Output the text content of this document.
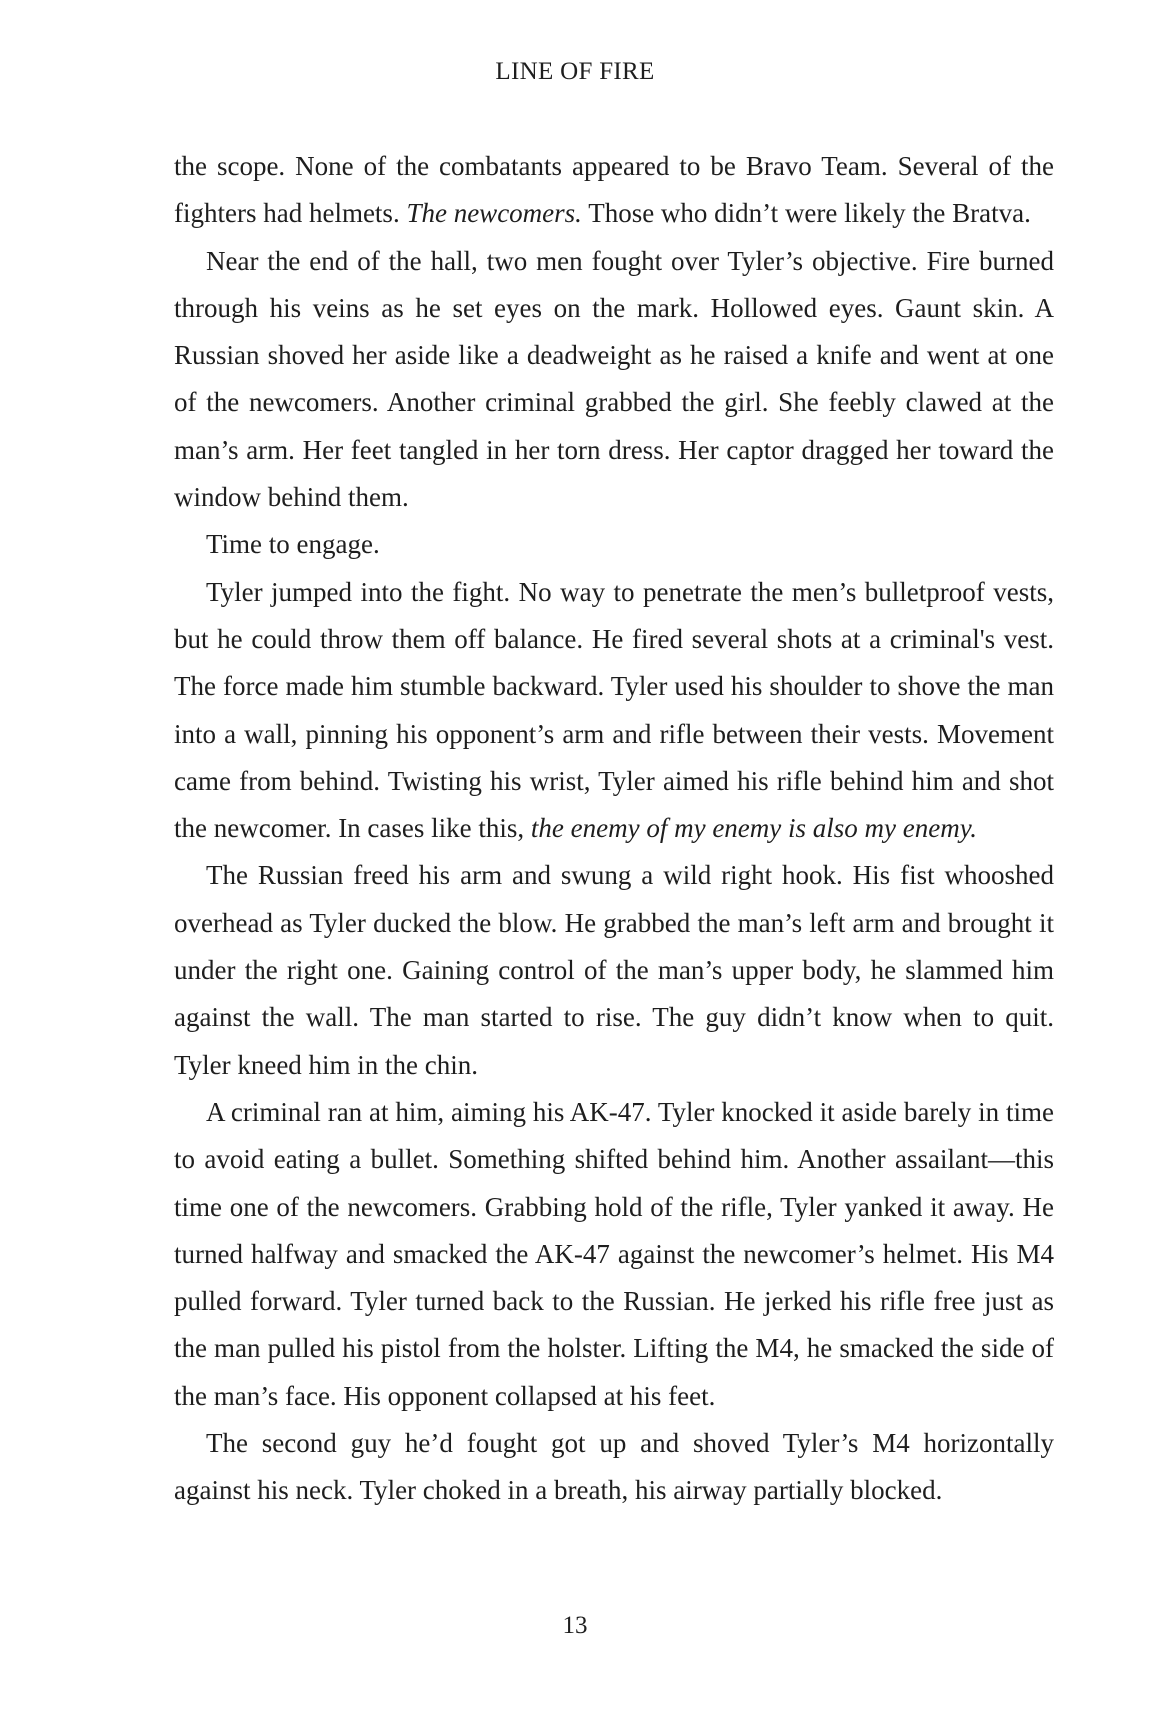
LINE OF FIRE

the scope. None of the combatants appeared to be Bravo Team. Several of the fighters had helmets. The newcomers. Those who didn’t were likely the Bratva.

Near the end of the hall, two men fought over Tyler’s objective. Fire burned through his veins as he set eyes on the mark. Hollowed eyes. Gaunt skin. A Russian shoved her aside like a deadweight as he raised a knife and went at one of the newcomers. Another criminal grabbed the girl. She feebly clawed at the man’s arm. Her feet tangled in her torn dress. Her captor dragged her toward the window behind them.

Time to engage.

Tyler jumped into the fight. No way to penetrate the men’s bulletproof vests, but he could throw them off balance. He fired several shots at a criminal's vest. The force made him stumble backward. Tyler used his shoulder to shove the man into a wall, pinning his opponent’s arm and rifle between their vests. Movement came from behind. Twisting his wrist, Tyler aimed his rifle behind him and shot the newcomer. In cases like this, the enemy of my enemy is also my enemy.

The Russian freed his arm and swung a wild right hook. His fist whooshed overhead as Tyler ducked the blow. He grabbed the man’s left arm and brought it under the right one. Gaining control of the man’s upper body, he slammed him against the wall. The man started to rise. The guy didn’t know when to quit. Tyler kneed him in the chin.

A criminal ran at him, aiming his AK-47. Tyler knocked it aside barely in time to avoid eating a bullet. Something shifted behind him. Another assailant—this time one of the newcomers. Grabbing hold of the rifle, Tyler yanked it away. He turned halfway and smacked the AK-47 against the newcomer’s helmet. His M4 pulled forward. Tyler turned back to the Russian. He jerked his rifle free just as the man pulled his pistol from the holster. Lifting the M4, he smacked the side of the man’s face. His opponent collapsed at his feet.

The second guy he’d fought got up and shoved Tyler’s M4 horizontally against his neck. Tyler choked in a breath, his airway partially blocked.

13
